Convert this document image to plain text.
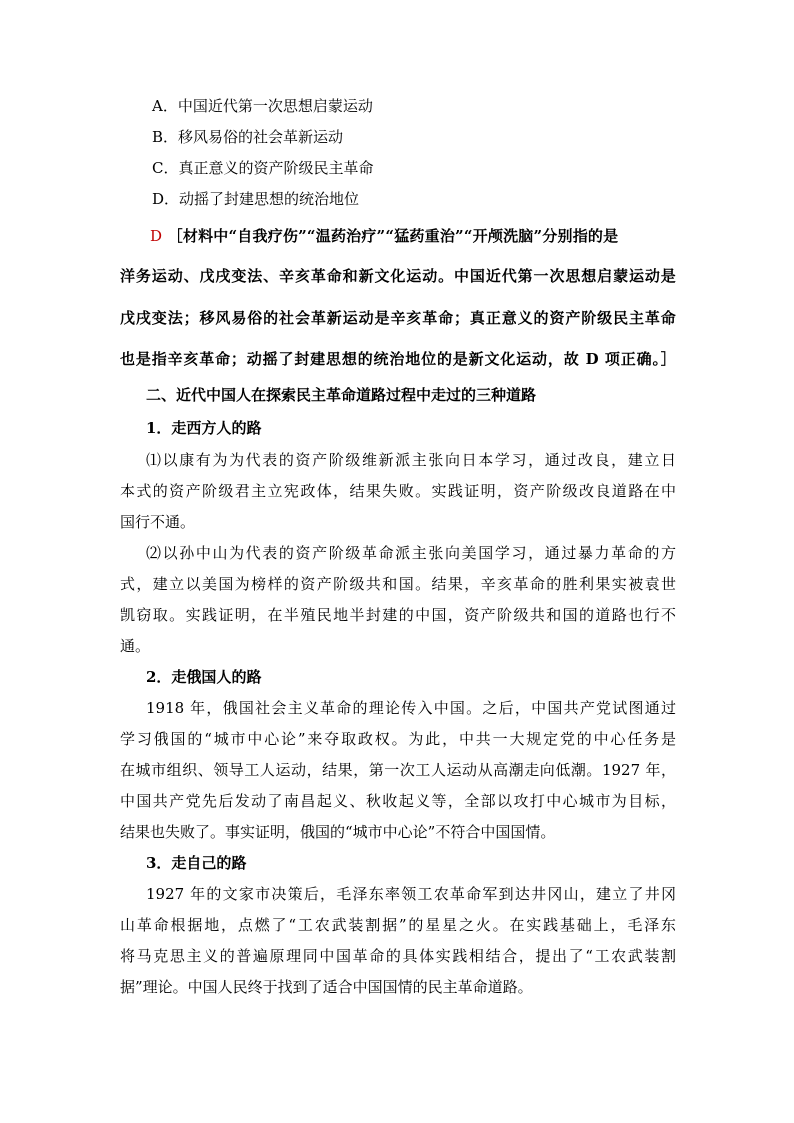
A．中国近代第一次思想启蒙运动
B．移风易俗的社会革新运动
C．真正意义的资产阶级民主革命
D．动摇了封建思想的统治地位
D ［材料中“自我疗伤”“温药治疗”“猛药重治”“开颅洗脑”分别指的是
洋务运动、戊戌变法、辛亥革命和新文化运动。中国近代第一次思想启蒙运动是
戊戌变法；移风易俗的社会革新运动是辛亥革命；真正意义的资产阶级民主革命
也是指辛亥革命；动摇了封建思想的统治地位的是新文化运动，故 D 项正确。］
二、近代中国人在探索民主革命道路过程中走过的三种道路
1．走西方人的路
⑴以康有为为代表的资产阶级维新派主张向日本学习，通过改良，建立日
本式的资产阶级君主立宪政体，结果失败。实践证明，资产阶级改良道路在中
国行不通。
⑵以孙中山为代表的资产阶级革命派主张向美国学习，通过暴力革命的方
式，建立以美国为榜样的资产阶级共和国。结果，辛亥革命的胜利果实被袁世
凯窃取。实践证明，在半殖民地半封建的中国，资产阶级共和国的道路也行不
通。
2．走俄国人的路
1918 年，俄国社会主义革命的理论传入中国。之后，中国共产党试图通过
学习俄国的“城市中心论”来夺取政权。为此，中共一大规定党的中心任务是
在城市组织、领导工人运动，结果，第一次工人运动从高潮走向低潮。1927 年，
中国共产党先后发动了南昌起义、秋收起义等，全部以攻打中心城市为目标，
结果也失败了。事实证明，俄国的“城市中心论”不符合中国国情。
3．走自己的路
1927 年的文家市决策后，毛泽东率领工农革命军到达井冈山，建立了井冈
山革命根据地，点燃了“工农武装割据”的星星之火。在实践基础上，毛泽东
将马克思主义的普遍原理同中国革命的具体实践相结合，提出了“工农武装割
据”理论。中国人民终于找到了适合中国国情的民主革命道路。
